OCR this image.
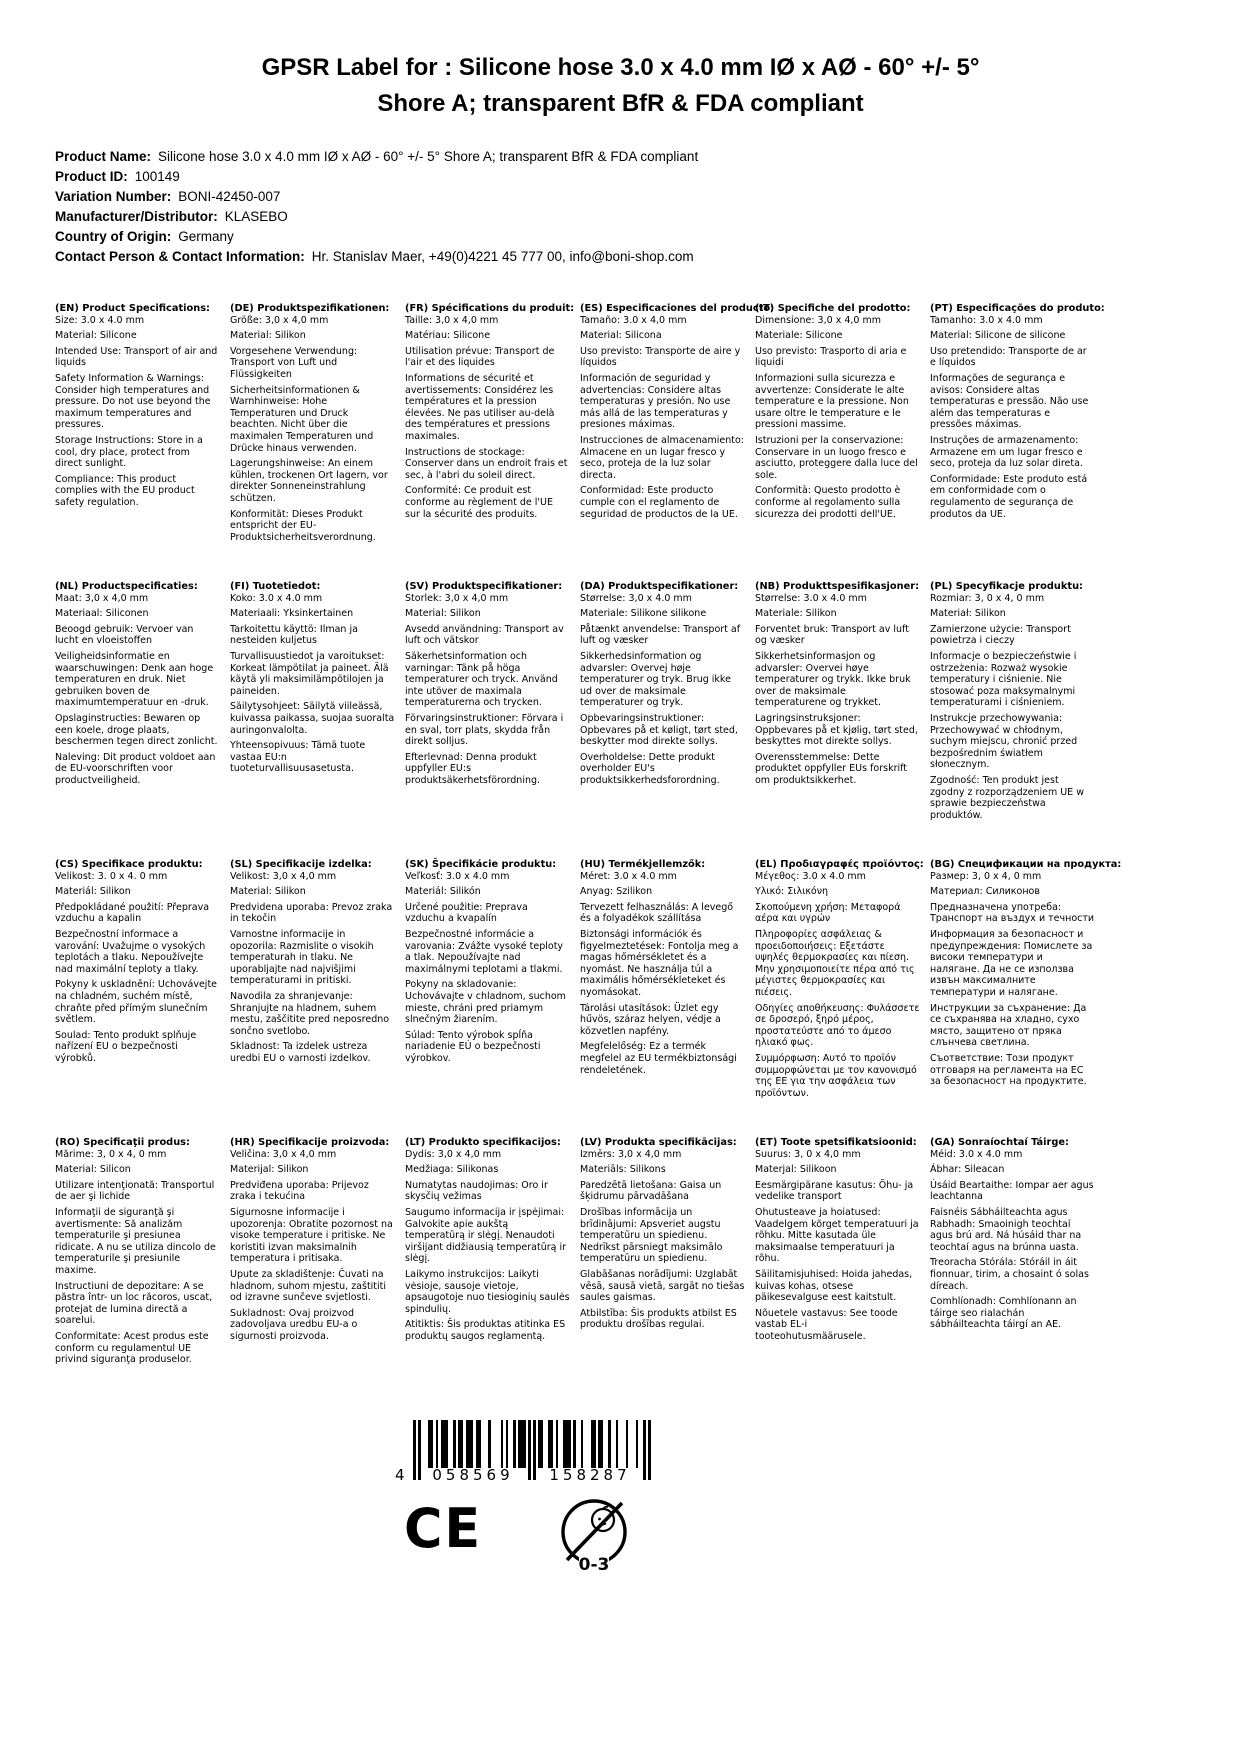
GPSR Label for : Silicone hose 3.0 x 4.0 mm IØ x AØ - 60° +/- 5°
Shore A; transparent BfR & FDA compliant
Product Name: Silicone hose 3.0 x 4.0 mm IØ x AØ - 60° +/- 5° Shore A; transparent BfR & FDA compliant
Product ID: 100149
Variation Number: BONI-42450-007
Manufacturer/Distributor: KLASEBO
Country of Origin: Germany
Contact Person & Contact Information: Hr. Stanislav Maer, +49(0)4221 45 777 00, info@boni-shop.com
(EN) Product Specifications:

Size: 3.0 x 4.0 mm

Material: Silicone

Intended Use: Transport of air and liquids

Safety Information & Warnings: Consider high temperatures and pressure. Do not use beyond the maximum temperatures and pressures.

Storage Instructions: Store in a cool, dry place, protect from direct sunlight.

Compliance: This product complies with the EU product safety regulation.

(DE) Produktspezifikationen:

Größe: 3,0 x 4,0 mm

Material: Silikon

Vorgesehene Verwendung: Transport von Luft und Flüssigkeiten

Sicherheitsinformationen & Warnhinweise: Hohe Temperaturen und Druck beachten. Nicht über die maximalen Temperaturen und Drücke hinaus verwenden.

Lagerungshinweise: An einem kühlen, trockenen Ort lagern, vor direkter Sonneneinstrahlung schützen.

Konformität: Dieses Produkt entspricht der EU-Produktsicherheitsverordnung.

(FR) Spécifications du produit:

Taille: 3,0 x 4,0 mm

Matériau: Silicone

Utilisation prévue: Transport de l'air et des liquides

Informations de sécurité et avertissements: Considérez les températures et la pression élevées. Ne pas utiliser au-delà des températures et pressions maximales.

Instructions de stockage: Conserver dans un endroit frais et sec, à l'abri du soleil direct.

Conformité: Ce produit est conforme au règlement de l'UE sur la sécurité des produits.

(ES) Especificaciones del producto:

Tamaño: 3.0 x 4,0 mm

Material: Silicona

Uso previsto: Transporte de aire y líquidos

Información de seguridad y advertencias: Considere altas temperaturas y presión. No use más allá de las temperaturas y presiones máximas.

Instrucciones de almacenamiento: Almacene en un lugar fresco y seco, proteja de la luz solar directa.

Conformidad: Este producto cumple con el reglamento de seguridad de productos de la UE.

(IT) Specifiche del prodotto:

Dimensione: 3,0 x 4,0 mm

Materiale: Silicone

Uso previsto: Trasporto di aria e liquidi

Informazioni sulla sicurezza e avvertenze: Considerate le alte temperature e la pressione. Non usare oltre le temperature e le pressioni massime.

Istruzioni per la conservazione: Conservare in un luogo fresco e asciutto, proteggere dalla luce del sole.

Conformità: Questo prodotto è conforme al regolamento sulla sicurezza dei prodotti dell'UE.

(PT) Especificações do produto:

Tamanho: 3.0 x 4.0 mm

Material: Silicone de silicone

Uso pretendido: Transporte de ar e líquidos

Informações de segurança e avisos: Considere altas temperaturas e pressão. Não use além das temperaturas e pressões máximas.

Instruções de armazenamento: Armazene em um lugar fresco e seco, proteja da luz solar direta.

Conformidade: Este produto está em conformidade com o regulamento de segurança de produtos da UE.

(NL) Productspecificaties:

Maat: 3,0 x 4,0 mm

Materiaal: Siliconen

Beoogd gebruik: Vervoer van lucht en vloeistoffen

Veiligheidsinformatie en waarschuwingen: Denk aan hoge temperaturen en druk. Niet gebruiken boven de maximumtemperatuur en -druk.

Opslaginstructies: Bewaren op een koele, droge plaats, beschermen tegen direct zonlicht.

Naleving: Dit product voldoet aan de EU-voorschriften voor productveiligheid.

(FI) Tuotetiedot:

Koko: 3.0 x 4.0 mm

Materiaali: Yksinkertainen

Tarkoitettu käyttö: Ilman ja nesteiden kuljetus

Turvallisuustiedot ja varoitukset: Korkeat lämpötilat ja paineet. Älä käytä yli maksimilämpötilojen ja paineiden.

Säilytysohjeet: Säilytä viileässä, kuivassa paikassa, suojaa suoralta auringonvalolta.

Yhteensopivuus: Tämä tuote vastaa EU:n tuoteturvallisuusasetusta.

(SV) Produktspecifikationer:

Storlek: 3,0 x 4,0 mm

Material: Silikon

Avsedd användning: Transport av luft och vätskor

Säkerhetsinformation och varningar: Tänk på höga temperaturer och tryck. Använd inte utöver de maximala temperaturerna och trycken.

Förvaringsinstruktioner: Förvara i en sval, torr plats, skydda från direkt solljus.

Efterlevnad: Denna produkt uppfyller EU:s produktsäkerhetsförordning.

(DA) Produktspecifikationer:

Størrelse: 3,0 x 4.0 mm

Materiale: Silikone silikone

Påtænkt anvendelse: Transport af luft og væsker

Sikkerhedsinformation og advarsler: Overvej høje temperaturer og tryk. Brug ikke ud over de maksimale temperaturer og tryk.

Opbevaringsinstruktioner: Opbevares på et køligt, tørt sted, beskytter mod direkte sollys.

Overholdelse: Dette produkt overholder EU's produktsikkerhedsforordning.

(NB) Produkttspesifikasjoner:

Størrelse: 3.0 x 4.0 mm

Materiale: Silikon

Forventet bruk: Transport av luft og væsker

Sikkerhetsinformasjon og advarsler: Overvei høye temperaturer og trykk. Ikke bruk over de maksimale temperaturene og trykket.

Lagringsinstruksjoner: Oppbevares på et kjølig, tørt sted, beskyttes mot direkte sollys.

Overensstemmelse: Dette produktet oppfyller EUs forskrift om produktsikkerhet.

(PL) Specyfikacje produktu:

Rozmiar: 3, 0 x 4, 0 mm

Materiał: Silikon

Zamierzone użycie: Transport powietrza i cieczy

Informacje o bezpieczeństwie i ostrzeżenia: Rozważ wysokie temperatury i ciśnienie. Nie stosować poza maksymalnymi temperaturami i ciśnieniem.

Instrukcje przechowywania: Przechowywać w chłodnym, suchym miejscu, chronić przed bezpośrednim światłem słonecznym.

Zgodność: Ten produkt jest zgodny z rozporządzeniem UE w sprawie bezpieczeństwa produktów.

(CS) Specifikace produktu:

Velikost: 3. 0 x 4. 0 mm

Materiál: Silikon

Předpokládané použití: Přeprava vzduchu a kapalin

Bezpečnostní informace a varování: Uvažujme o vysokých teplotách a tlaku. Nepoužívejte nad maximální teploty a tlaky.

Pokyny k uskladnění: Uchovávejte na chladném, suchém místě, chraňte před přímým slunečním světlem.

Soulad: Tento produkt splňuje nařízení EU o bezpečnosti výrobků.

(SL) Specifikacije izdelka:

Velikost: 3,0 x 4,0 mm

Material: Silikon

Predvidena uporaba: Prevoz zraka in tekočin

Varnostne informacije in opozorila: Razmislite o visokih temperaturah in tlaku. Ne uporabljajte nad najvišjimi temperaturami in pritiski.

Navodila za shranjevanje: Shranjujte na hladnem, suhem mestu, zaščitite pred neposredno sončno svetlobo.

Skladnost: Ta izdelek ustreza uredbi EU o varnosti izdelkov.

(SK) Špecifikácie produktu:

Veľkosť: 3.0 x 4.0 mm

Materiál: Silikón

Určené použitie: Preprava vzduchu a kvapalín

Bezpečnostné informácie a varovania: Zvážte vysoké teploty a tlak. Nepoužívajte nad maximálnymi teplotami a tlakmi.

Pokyny na skladovanie: Uchovávajte v chladnom, suchom mieste, chráni pred priamym slnečným žiarením.

Súlad: Tento výrobok spĺňa nariadenie EÚ o bezpečnosti výrobkov.

(HU) Termékjellemzők:

Méret: 3.0 x 4.0 mm

Anyag: Szilikon

Tervezett felhasználás: A levegő és a folyadékok szállítása

Biztonsági információk és figyelmeztetések: Fontolja meg a magas hőmérsékletet és a nyomást. Ne használja túl a maximális hőmérsékleteket és nyomásokat.

Tárolási utasítások: Üzlet egy hűvös, száraz helyen, védje a közvetlen napfény.

Megfelelőség: Ez a termék megfelel az EU termékbiztonsági rendeletének.

(EL) Προδιαγραφές προϊόντος:

Μέγεθος: 3.0 x 4.0 mm

Υλικό: Σιλικόνη

Σκοπούμενη χρήση: Μεταφορά αέρα και υγρών

Πληροφορίες ασφάλειας & προειδοποιήσεις: Εξετάστε υψηλές θερμοκρασίες και πίεση. Μην χρησιμοποιείτε πέρα από τις μέγιστες θερμοκρασίες και πιέσεις.

Οδηγίες αποθήκευσης: Φυλάσσετε σε δροσερό, ξηρό μέρος, προστατεύστε από το άμεσο ηλιακό φως.

Συμμόρφωση: Αυτό το προϊόν συμμορφώνεται με τον κανονισμό της ΕΕ για την ασφάλεια των προϊόντων.

(BG) Спецификации на продукта:

Размер: 3, 0 x 4, 0 mm

Материал: Силиконов

Предназначена употреба: Транспорт на въздух и течности

Информация за безопасност и предупреждения: Помислете за високи температури и налягане. Да не се използва извън максималните температури и налягане.

Инструкции за съхранение: Да се съхранява на хладно, сухо място, защитено от пряка слънчева светлина.

Съответствие: Този продукт отговаря на регламента на ЕС за безопасност на продуктите.

(RO) Specificaţii produs:

Mărime: 3, 0 x 4, 0 mm

Material: Silicon

Utilizare intenţionată: Transportul de aer şi lichide

Informaţii de siguranţă şi avertismente: Să analizăm temperaturile şi presiunea ridicate. A nu se utiliza dincolo de temperaturile şi presiunile maxime.

Instructiuni de depozitare: A se păstra într- un loc răcoros, uscat, protejat de lumina directă a soarelui.

Conformitate: Acest produs este conform cu regulamentul UE privind siguranţa produselor.

(HR) Specifikacije proizvoda:

Veličina: 3,0 x 4,0 mm

Materijal: Silikon

Predviđena uporaba: Prijevoz zraka i tekućina

Sigurnosne informacije i upozorenja: Obratite pozornost na visoke temperature i pritiske. Ne koristiti izvan maksimalnih temperatura i pritisaka.

Upute za skladištenje: Čuvati na hladnom, suhom mjestu, zaštititi od izravne sunčeve svjetlosti.

Sukladnost: Ovaj proizvod zadovoljava uredbu EU-a o sigurnosti proizvoda.

(LT) Produkto specifikacijos:

Dydis: 3,0 x 4,0 mm

Medžiaga: Silikonas

Numatytas naudojimas: Oro ir skysčių vežimas

Saugumo informacija ir įspėjimai: Galvokite apie aukštą temperatūrą ir slėgį. Nenaudoti viršijant didžiausią temperatūrą ir slėgį.

Laikymo instrukcijos: Laikyti vėsioje, sausoje vietoje, apsaugotoje nuo tiesioginių saulės spindulių.

Atitiktis: Šis produktas atitinka ES produktų saugos reglamentą.

(LV) Produkta specifikācijas:

Izmērs: 3,0 x 4,0 mm

Materiāls: Silikons

Paredzētā lietošana: Gaisa un šķidrumu pārvadāšana

Drošības informācija un brīdinājumi: Apsveriet augstu temperatūru un spiedienu. Nedrīkst pārsniegt maksimālo temperatūru un spiedienu.

Glabāšanas norādījumi: Uzglabāt vēsā, sausā vietā, sargāt no tiešas saules gaismas.

Atbilstība: Šis produkts atbilst ES produktu drošības regulai.

(ET) Toote spetsifikatsioonid:

Suurus: 3, 0 x 4,0 mm

Materjal: Silikoon

Eesmärgipärane kasutus: Õhu- ja vedelike transport

Ohutusteave ja hoiatused: Vaadelgem kõrget temperatuuri ja rõhku. Mitte kasutada üle maksimaalse temperatuuri ja rõhu.

Säilitamisjuhised: Hoida jahedas, kuivas kohas, otsese päikesevalguse eest kaitstult.

Nõuetele vastavus: See toode vastab EL-i tooteohutusmäärusele.

(GA) Sonraíochtaí Táirge:

Méid: 3.0 x 4.0 mm

Ábhar: Sileacan

Úsáid Beartaithe: Iompar aer agus leachtanna

Faisnéis Sábháilteachta agus Rabhadh: Smaoinigh teochtaí agus brú ard. Ná húsáid thar na teochtaí agus na brúnna uasta.

Treoracha Stórála: Stóráil in áit fionnuar, tirim, a chosaint ó solas díreach.

Comhlíonadh: Comhlíonann an táirge seo rialachán sábháilteachta táirgí an AE.

4	058569	158287
CE
0-3
